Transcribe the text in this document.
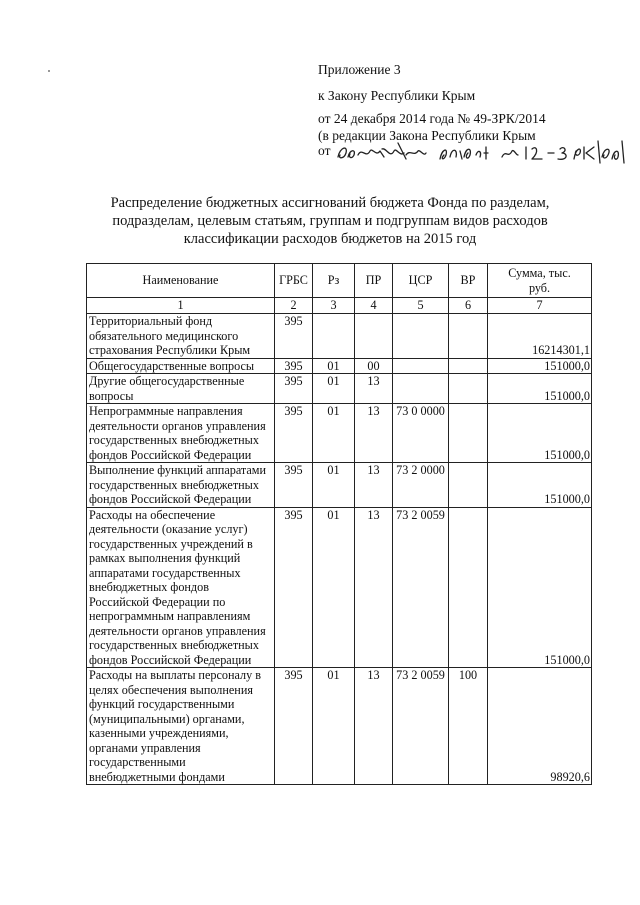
Приложение 3
к Закону Республики Крым
от 24 декабря 2014 года № 49-ЗРК/2014
(в редакции Закона Республики Крым
от
Распределение бюджетных ассигнований бюджета Фонда по разделам,
подразделам, целевым статьям, группам и подгруппам видов расходов
классификации расходов бюджетов на 2015 год
Наименование	ГРБС	Рз	ПР	ЦСР	ВР	Сумма, тыс. руб.
1	2	3	4	5	6	7
Территориальный фонд обязательного медицинского страхования Республики Крым	395					16214301,1
Общегосударственные вопросы	395	01	00			151000,0
Другие общегосударственные вопросы	395	01	13			151000,0
Непрограммные направления деятельности органов управления государственных внебюджетных фондов Российской Федерации	395	01	13	73 0 0000		151000,0
Выполнение функций аппаратами государственных внебюджетных фондов Российской Федерации	395	01	13	73 2 0000		151000,0
Расходы на обеспечение деятельности (оказание услуг) государственных учреждений в рамках выполнения функций аппаратами государственных внебюджетных фондов Российской Федерации по непрограммным направлениям деятельности органов управления государственных внебюджетных фондов Российской Федерации	395	01	13	73 2 0059		151000,0
Расходы на выплаты персоналу в целях обеспечения выполнения функций государственными (муниципальными) органами, казенными учреждениями, органами управления государственными внебюджетными фондами	395	01	13	73 2 0059	100	98920,6
